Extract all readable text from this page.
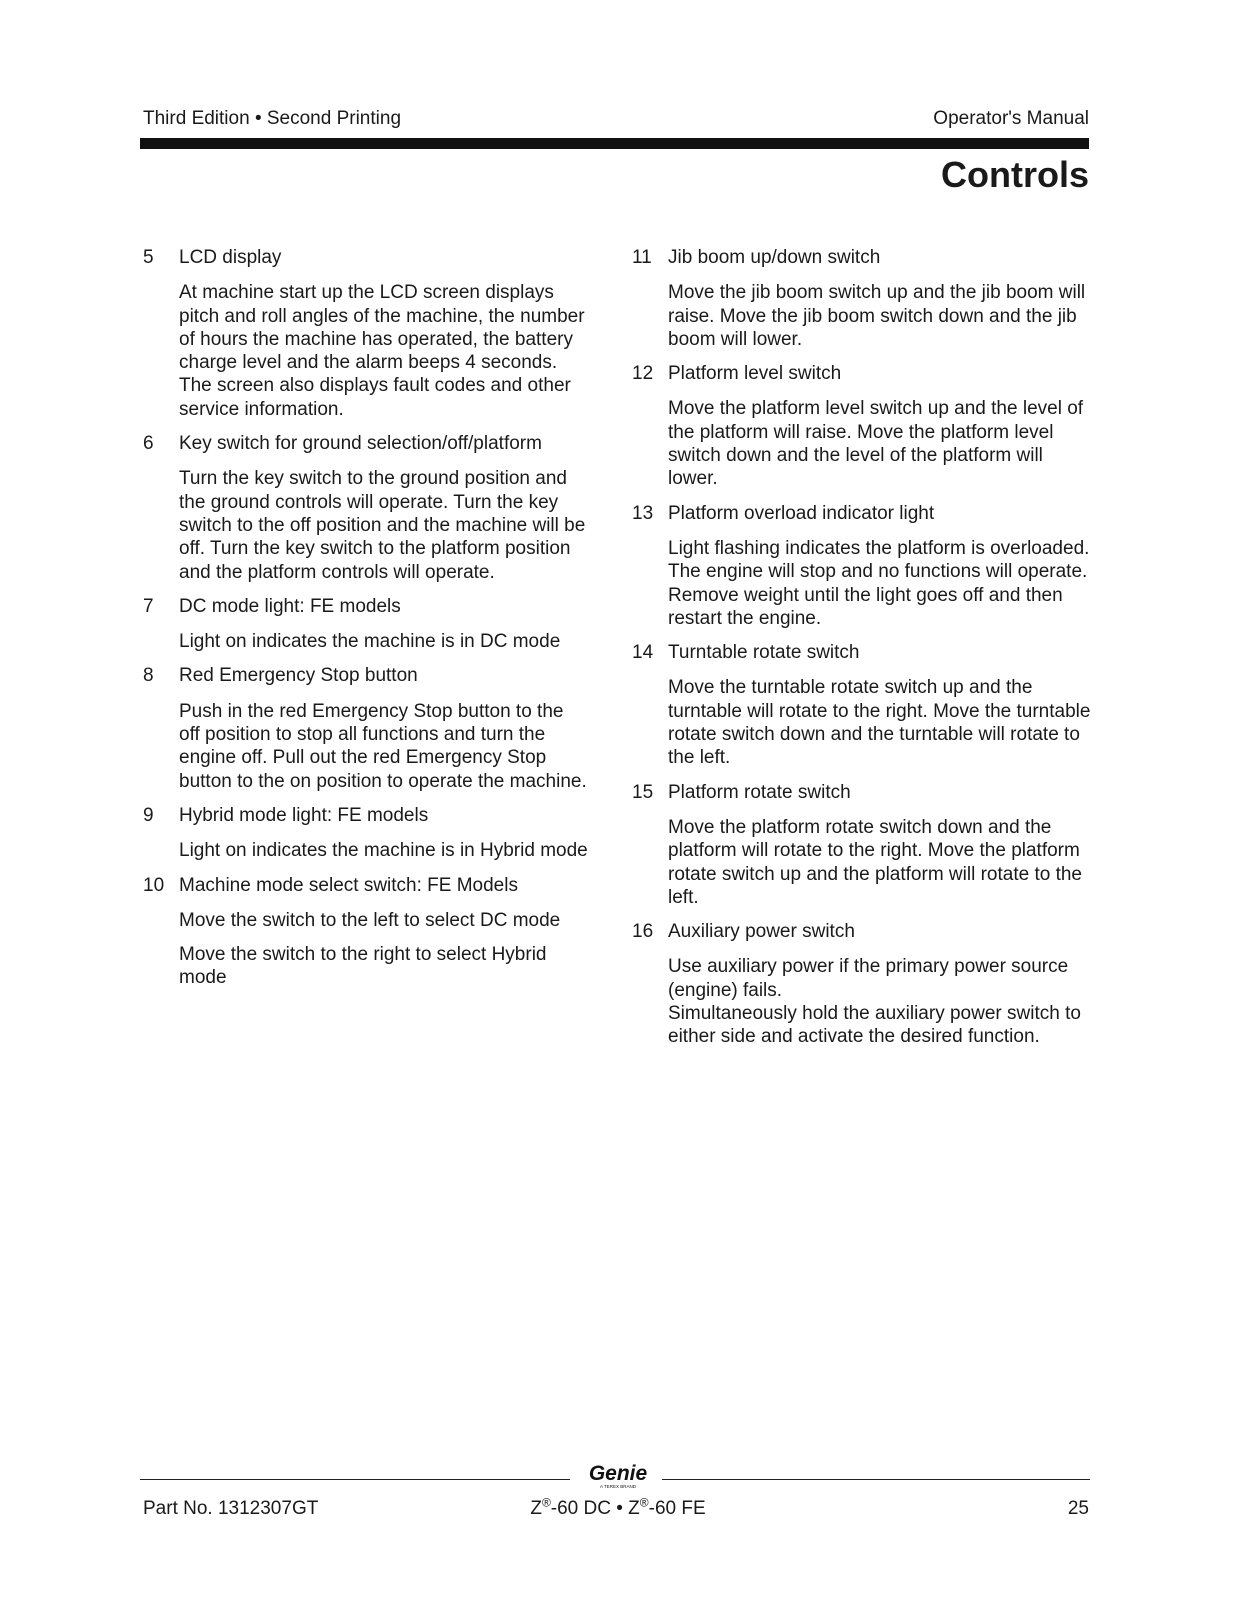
Third Edition • Second Printing	Operator's Manual
Controls
5	LCD display

At machine start up the LCD screen displays pitch and roll angles of the machine, the number of hours the machine has operated, the battery charge level and the alarm beeps 4 seconds. The screen also displays fault codes and other service information.

6	Key switch for ground selection/off/platform

Turn the key switch to the ground position and the ground controls will operate. Turn the key switch to the off position and the machine will be off. Turn the key switch to the platform position and the platform controls will operate.

7	DC mode light: FE models

Light on indicates the machine is in DC mode

8	Red Emergency Stop button

Push in the red Emergency Stop button to the off position to stop all functions and turn the engine off. Pull out the red Emergency Stop button to the on position to operate the machine.

9	Hybrid mode light: FE models

Light on indicates the machine is in Hybrid mode

10 Machine mode select switch: FE Models

Move the switch to the left to select DC mode

Move the switch to the right to select Hybrid mode

11 Jib boom up/down switch

Move the jib boom switch up and the jib boom will raise. Move the jib boom switch down and the jib boom will lower.

12 Platform level switch

Move the platform level switch up and the level of the platform will raise. Move the platform level switch down and the level of the platform will lower.

13 Platform overload indicator light

Light flashing indicates the platform is overloaded. The engine will stop and no functions will operate. Remove weight until the light goes off and then restart the engine.

14 Turntable rotate switch

Move the turntable rotate switch up and the turntable will rotate to the right. Move the turntable rotate switch down and the turntable will rotate to the left.

15 Platform rotate switch

Move the platform rotate switch down and the platform will rotate to the right. Move the platform rotate switch up and the platform will rotate to the left.

16 Auxiliary power switch

Use auxiliary power if the primary power source (engine) fails.

Simultaneously hold the auxiliary power switch to either side and activate the desired function.

Genie
A TEREX BRAND
Part No. 1312307GT	Z®-60 DC • Z®-60 FE	25
